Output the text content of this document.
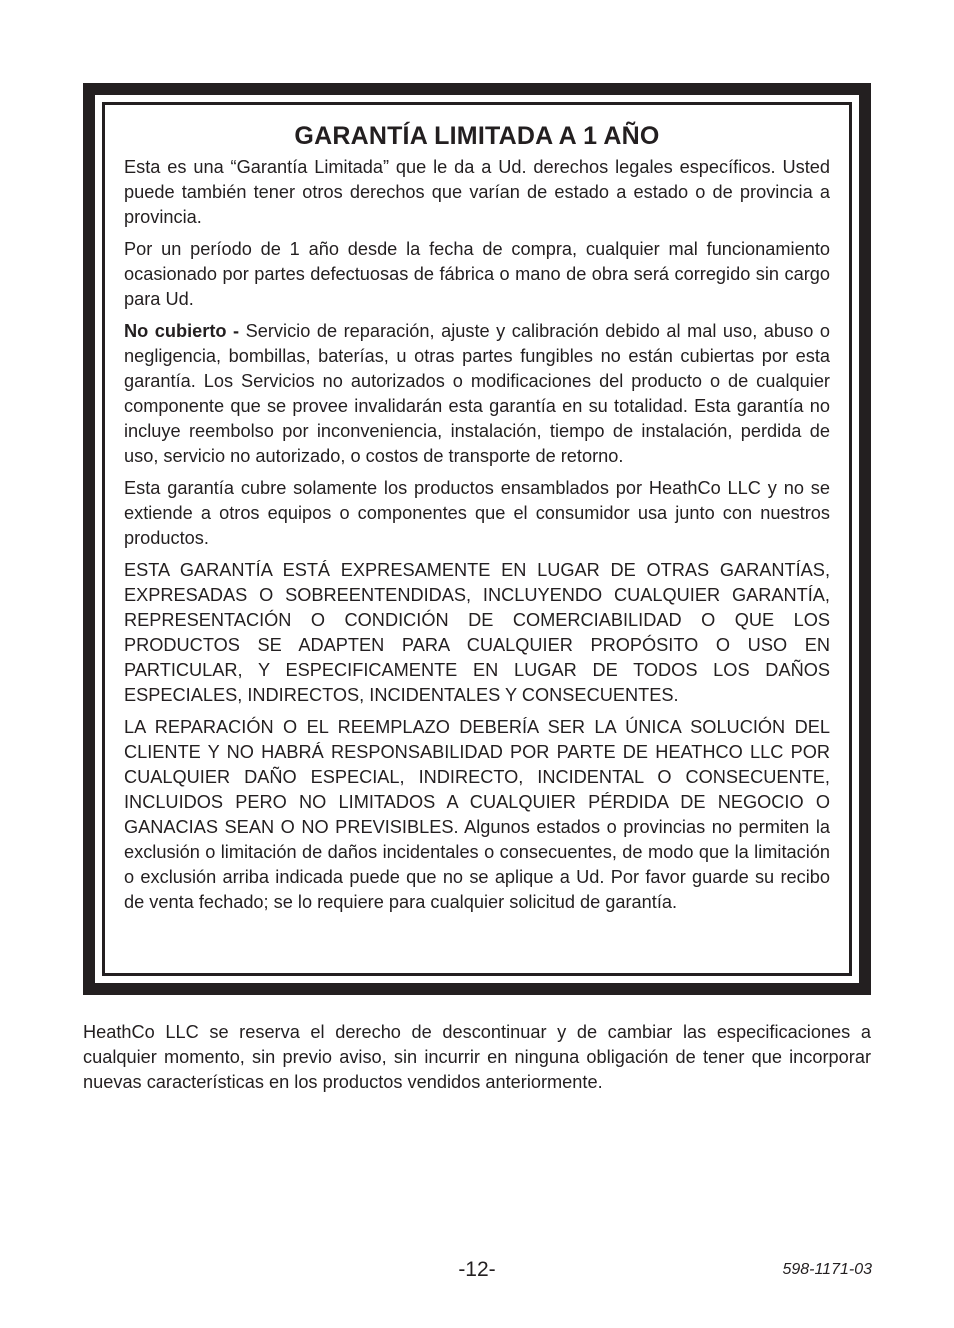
GARANTÍA LIMITADA A 1 AÑO

Esta es una “Garantía Limitada” que le da a Ud. derechos legales específicos. Usted puede también tener otros derechos que varían de estado a estado o de provincia a provincia.

Por un período de 1 año desde la fecha de compra, cualquier mal funcionamiento ocasionado por partes defectuosas de fábrica o mano de obra será corregido sin cargo para Ud.

No cubierto - Servicio de reparación, ajuste y calibración debido al mal uso, abuso o negligencia, bombillas, baterías, u otras partes fungibles no están cubiertas por esta garantía. Los Servicios no autorizados o modificaciones del producto o de cualquier componente que se provee invalidarán esta garantía en su totalidad. Esta garantía no incluye reembolso por inconveniencia, instalación, tiempo de instalación, perdida de uso, servicio no autorizado, o costos de transporte de retorno.

Esta garantía cubre solamente los productos ensamblados por HeathCo LLC y no se extiende a otros equipos o componentes que el consumidor usa junto con nuestros productos.

ESTA GARANTÍA ESTÁ EXPRESAMENTE EN LUGAR DE OTRAS GARANTÍAS, EXPRESADAS O SOBREENTENDIDAS, INCLUYENDO CUALQUIER GARANTÍA, REPRESENTACIÓN O CONDICIÓN DE COMERCIABILIDAD O QUE LOS PRODUCTOS SE ADAPTEN PARA CUALQUIER PROPÓSITO O USO EN PARTICULAR, Y ESPECIFICAMENTE EN LUGAR DE TODOS LOS DAÑOS ESPECIALES, INDIRECTOS, INCIDENTALES Y CONSECUENTES.

LA REPARACIÓN O EL REEMPLAZO DEBERÍA SER LA ÚNICA SOLUCIÓN DEL CLIENTE Y NO HABRÁ RESPONSABILIDAD POR PARTE DE HEATHCO LLC POR CUALQUIER DAÑO ESPECIAL, INDIRECTO, INCIDENTAL O CONSECUENTE, INCLUIDOS PERO NO LIMITADOS A CUALQUIER PÉRDIDA DE NEGOCIO O GANACIAS SEAN O NO PREVISIBLES. Algunos estados o provincias no permiten la exclusión o limitación de daños incidentales o consecuentes, de modo que la limitación o exclusión arriba indicada puede que no se aplique a Ud. Por favor guarde su recibo de venta fechado; se lo requiere para cualquier solicitud de garantía.

HeathCo LLC se reserva el derecho de descontinuar y de cambiar las especificaciones a cualquier momento, sin previo aviso, sin incurrir en ninguna obligación de tener que incorporar nuevas características en los productos vendidos anteriormente.

-12-	598-1171-03
